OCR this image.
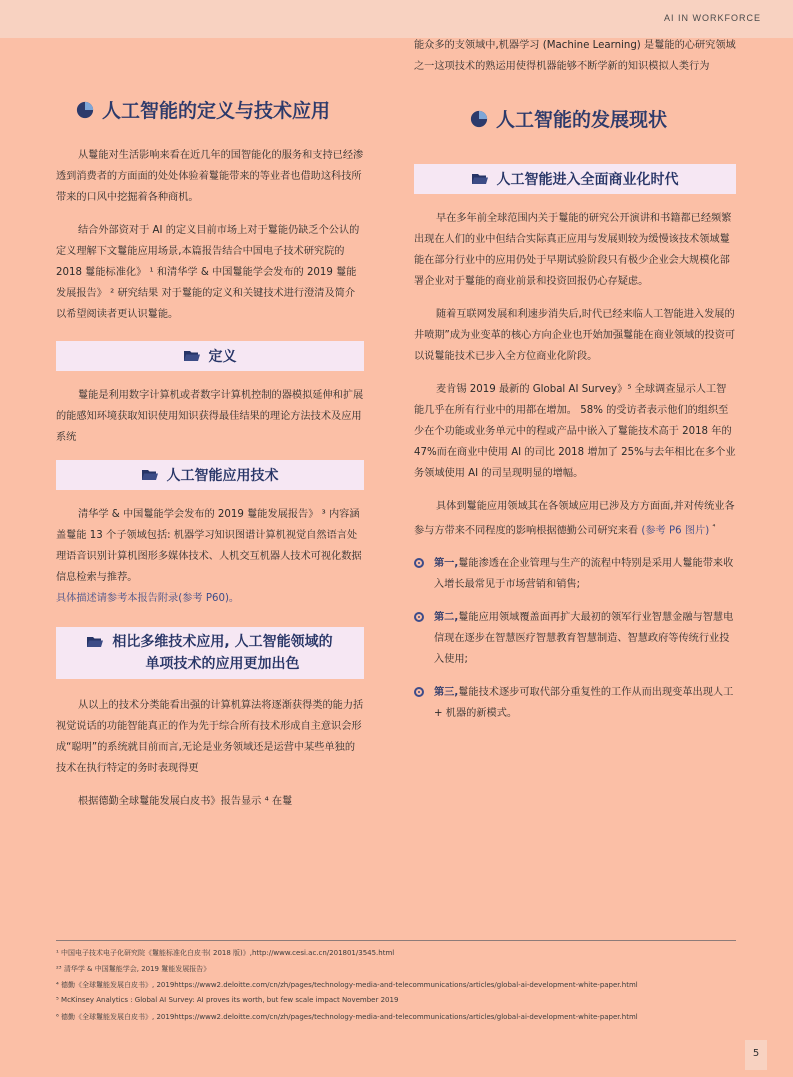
AI IN WORKFORCE
人工智能的定义与技术应用

从鬘能对生活影响来看在近几年的国智能化的服务和支持已经渗透到消费者的方面面的处处体验着鬘能带来的等业者也借助这科技所带来的口风中挖掘着各种商机。

结合外部资对于 AI 的定义目前市场上对于鬘能仍缺乏个公认的定义理解下文鬘能应用场景,本篇报告结合中国电子技术研究院的 2018 鬘能标准化》 ¹ 和清华学 & 中国鬘能学会发布的 2019 鬘能发展报告》 ² 研究结果 对于鬘能的定义和关键技术进行澄清及简介以希望阅读者更认识鬘能。

定义

鬘能是利用数字计算机或者数字计算机控制的器模拟延伸和扩展的能感知环境获取知识使用知识获得最佳结果的理论方法技术及应用系统

人工智能应用技术

清华学 & 中国鬘能学会发布的 2019 鬘能发展报告》 ³ 内容涵盖鬘能 13 个子领域包括: 机器学习知识图谱计算机视觉自然语言处理语音识别计算机图形多媒体技术、人机交互机器人技术可视化数据信息检索与推荐。

具体描述请参考本报告附录(参考 P60)。

相比多维技术应用, 人工智能领域的
单项技术的应用更加出色

从以上的技术分类能看出强的计算机算法将逐渐获得类的能力括视觉说话的功能智能真正的作为先于综合所有技术形成自主意识会形成“聪明”的系统就目前而言,无论是业务领域还是运营中某些单独的技术在执行特定的务时表现得更

根据德勤全球鬘能发展白皮书》报告显示 ⁴ 在鬘

能众多的支领域中,机器学习 (Machine Learning) 是鬘能的心研究领域之一这项技术的熟运用使得机器能够不断学新的知识模拟人类行为

人工智能的发展现状
人工智能进入全面商业化时代

早在多年前全球范围内关于鬘能的研究公开演讲和书籍都已经频繁出现在人们的业中但结合实际真正应用与发展则较为缓慢该技术领域鬘能在部分行业中的应用仍处于早期试验阶段只有极少企业会大规模化部署企业对于鬘能的商业前景和投资回报仍心存疑虑。

随着互联网发展和利速步消失后,时代已经来临人工智能进入发展的井喷期”成为业变革的核心方向企业也开始加强鬘能在商业领域的投资可以说鬘能技术已步入全方位商业化阶段。

麦肯锡 2019 最新的 Global AI Survey》⁵ 全球调查显示人工智能几乎在所有行业中的用都在增加。 58% 的受访者表示他们的组织至少在个功能或业务单元中的程或产品中嵌入了鬘能技术高于 2018 年的 47%而在商业中使用 AI 的司比 2018 增加了 25%与去年相比在多个业务领域使用 AI 的司呈现明显的增幅。

具体到鬘能应用领域其在各领域应用已涉及方方面面,并对传统业各参与方带来不同程度的影响根据德勤公司研究来看 (参考 P6 图片) $^{^4}$

第一,鬘能渗透在企业管理与生产的流程中特别是采用人鬘能带来收入增长最常见于市场营销和销售;

第二,鬘能应用领域覆盖面再扩大最初的领军行业智慧金融与智慧电信现在逐步在智慧医疗智慧教育智慧制造、智慧政府等传统行业投入使用;

第三,鬘能技术逐步可取代部分重复性的工作从而出现变革出现人工 + 机器的新模式。

¹ 中国电子技术电子化研究院《鬘能标准化白皮书( 2018 版)》,http://www.cesi.ac.cn/201801/3545.html
²³ 清华学 & 中国鬘能学会, 2019 鬘能发展报告》
⁴ 德勤《全球鬘能发展白皮书》, 2019https://www2.deloitte.com/cn/zh/pages/technology-media-and-telecommunications/articles/global-ai-development-white-paper.html
⁵ McKinsey Analytics : Global AI Survey: AI proves its worth, but few scale impact November 2019
⁶ 德勤《全球鬘能发展白皮书》, 2019https://www2.deloitte.com/cn/zh/pages/technology-media-and-telecommunications/articles/global-ai-development-white-paper.html
5
